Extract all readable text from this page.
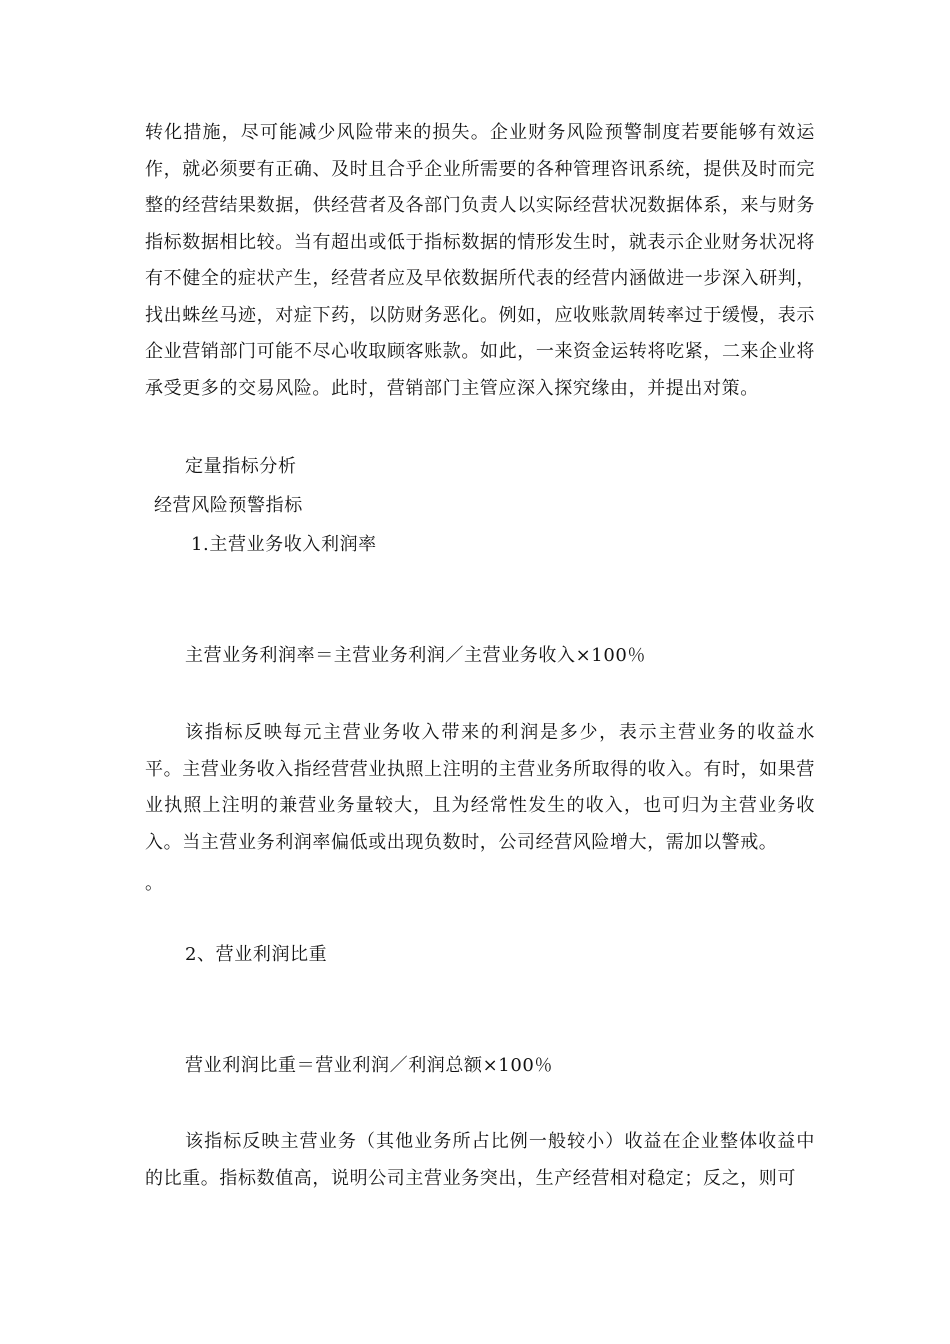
转化措施，尽可能减少风险带来的损失。企业财务风险预警制度若要能够有效运作，就必须要有正确、及时且合乎企业所需要的各种管理咨讯系统，提供及时而完整的经营结果数据，供经营者及各部门负责人以实际经营状况数据体系，来与财务指标数据相比较。当有超出或低于指标数据的情形发生时，就表示企业财务状况将有不健全的症状产生，经营者应及早依数据所代表的经营内涵做进一步深入研判，找出蛛丝马迹，对症下药，以防财务恶化。例如，应收账款周转率过于缓慢，表示企业营销部门可能不尽心收取顾客账款。如此，一来资金运转将吃紧，二来企业将承受更多的交易风险。此时，营销部门主管应深入探究缘由，并提出对策。

定量指标分析

经营风险预警指标

1.主营业务收入利润率

主营业务利润率＝主营业务利润／主营业务收入×100％

该指标反映每元主营业务收入带来的利润是多少，表示主营业务的收益水平。主营业务收入指经营营业执照上注明的主营业务所取得的收入。有时，如果营业执照上注明的兼营业务量较大，且为经常性发生的收入，也可归为主营业务收入。当主营业务利润率偏低或出现负数时，公司经营风险增大，需加以警戒。

。

2、营业利润比重

营业利润比重＝营业利润／利润总额×100％

该指标反映主营业务（其他业务所占比例一般较小）收益在企业整体收益中的比重。指标数值高，说明公司主营业务突出，生产经营相对稳定；反之，则可
